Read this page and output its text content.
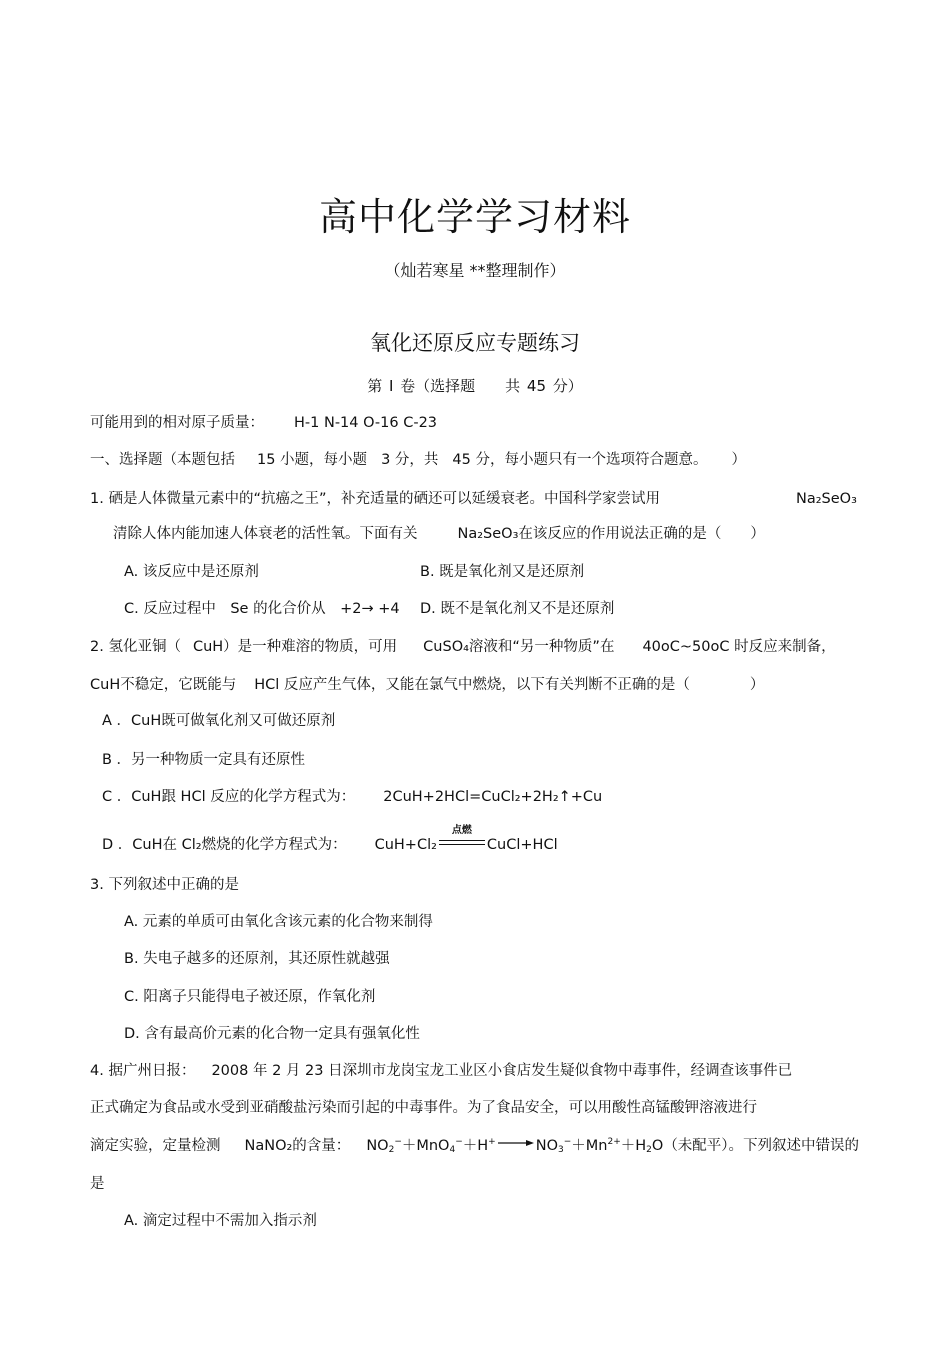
高中化学学习材料
（灿若寒星 **整理制作）
氧化还原反应专题练习
第 Ⅰ 卷（选择题　　共 45 分）
可能用到的相对原子质量： H-1 N-14 O-16 C-23
一、选择题（本题包括 15 小题，每小题 3 分，共 45 分，每小题只有一个选项符合题意。 ）
1. 硒是人体微量元素中的“抗癌之王”，补充适量的硒还可以延缓衰老。中国科学家尝试用	Na₂SeO₃
清除人体内能加速人体衰老的活性氧。下面有关	Na₂SeO₃在该反应的作用说法正确的是（　　）
A. 该反应中是还原剂	B. 既是氧化剂又是还原剂
C. 反应过程中　Se 的化合价从　+2→ +4 D. 既不是氧化剂又不是还原剂
2. 氢化亚铜（ CuH）是一种难溶的物质，可用 CuSO₄溶液和“另一种物质”在 40oC~50oC 时反应来制备，
CuH不稳定，它既能与 HCl 反应产生气体，又能在氯气中燃烧，以下有关判断不正确的是（	）
A ．CuH既可做氧化剂又可做还原剂
B ．另一种物质一定具有还原性
C ．CuH跟 HCl 反应的化学方程式为： 2CuH+2HCl=CuCl₂+2H₂↑+Cu
D ．CuH在 Cl₂燃烧的化学方程式为： CuH+Cl₂
点燃
CuCl+HCl
3. 下列叙述中正确的是
A. 元素的单质可由氧化含该元素的化合物来制得
B. 失电子越多的还原剂，其还原性就越强
C. 阳离子只能得电子被还原，作氧化剂
D. 含有最高价元素的化合物一定具有强氧化性
4. 据广州日报： 2008 年 2 月 23 日深圳市龙岗宝龙工业区小食店发生疑似食物中毒事件，经调查该事件已
正式确定为食品或水受到亚硝酸盐污染而引起的中毒事件。为了食品安全，可以用酸性高锰酸钾溶液进行
滴定实验，定量检测 NaNO₂的含量： $NO_2^-+MnO_4^-+H^+ \to NO_3^-+Mn^{2+}+H_2O$（未配平）。下列叙述中错误的
是
A. 滴定过程中不需加入指示剂
